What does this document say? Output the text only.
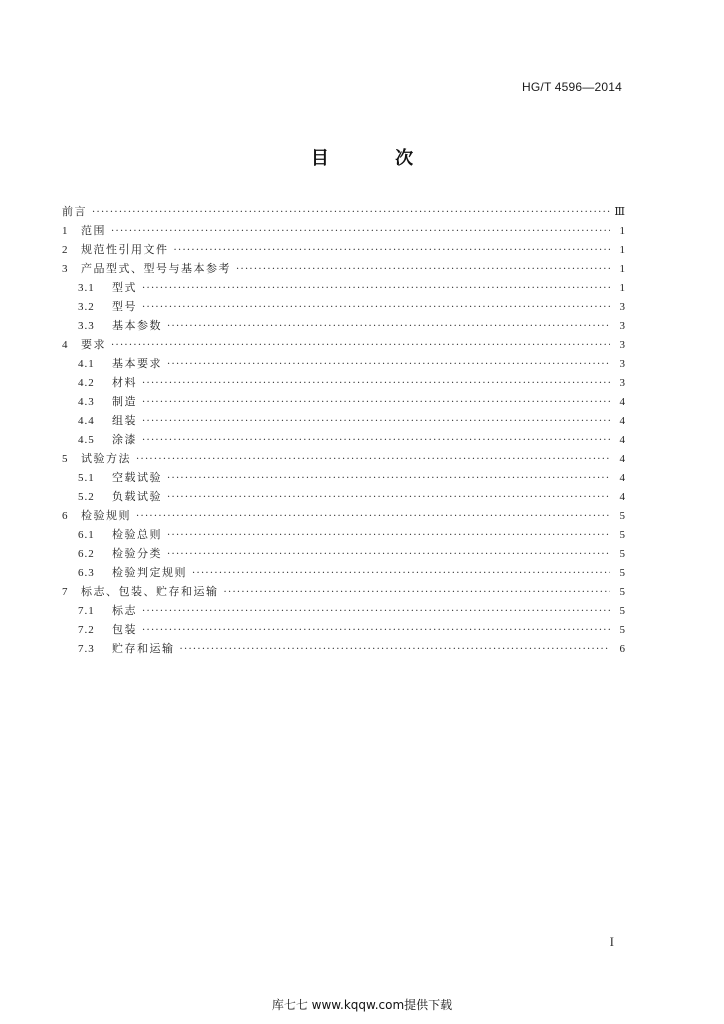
HG/T 4596—2014
目 次
前言 ·····	Ⅲ
1	范围 ·····	1
2	规范性引用文件 ·····	1
3	产品型式、型号与基本参考 ·····	1
3.1	型式 ·····	1
3.2	型号 ·····	3
3.3	基本参数 ·····	3
4	要求 ·····	3
4.1	基本要求 ·····	3
4.2	材料 ·····	3
4.3	制造 ·····	4
4.4	组装 ·····	4
4.5	涂漆 ·····	4
5	试验方法 ·····	4
5.1	空载试验 ·····	4
5.2	负载试验 ·····	4
6	检验规则 ·····	5
6.1	检验总则 ·····	5
6.2	检验分类 ·····	5
6.3	检验判定规则 ·····	5
7	标志、包装、贮存和运输 ·····	5
7.1	标志 ·····	5
7.2	包装 ·····	5
7.3	贮存和运输 ·····	6
I
库七七 www.kqqw.com提供下载
